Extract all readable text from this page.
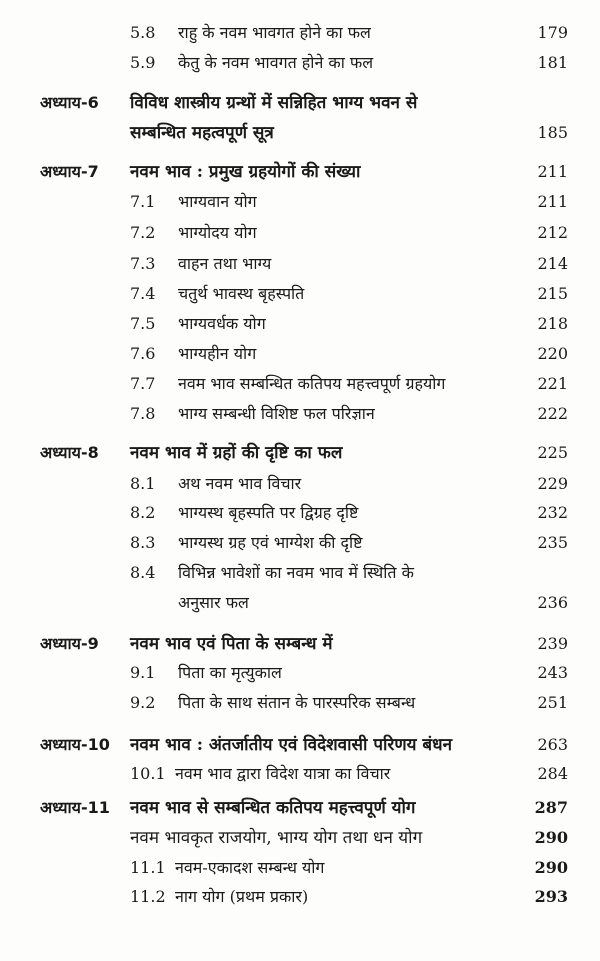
5.8 राहु के नवम भावगत होने का फल	179
5.9 केतु के नवम भावगत होने का फल	181
अध्याय-6 विविध शास्त्रीय ग्रन्थों में सन्निहित भाग्य भवन से
सम्बन्धित महत्वपूर्ण सूत्र	185
अध्याय-7 नवम भाव : प्रमुख ग्रहयोगों की संख्या	211
7.1 भाग्यवान योग	211
7.2 भाग्योदय योग	212
7.3 वाहन तथा भाग्य	214
7.4 चतुर्थ भावस्थ बृहस्पति	215
7.5 भाग्यवर्धक योग	218
7.6 भाग्यहीन योग	220
7.7 नवम भाव सम्बन्धित कतिपय महत्त्वपूर्ण ग्रहयोग	221
7.8 भाग्य सम्बन्धी विशिष्ट फल परिज्ञान	222
अध्याय-8 नवम भाव में ग्रहों की दृष्टि का फल	225
8.1 अथ नवम भाव विचार	229
8.2 भाग्यस्थ बृहस्पति पर द्विग्रह दृष्टि	232
8.3 भाग्यस्थ ग्रह एवं भाग्येश की दृष्टि	235
8.4 विभिन्न भावेशों का नवम भाव में स्थिति के
अनुसार फल	236
अध्याय-9 नवम भाव एवं पिता के सम्बन्ध में	239
9.1 पिता का मृत्युकाल	243
9.2 पिता के साथ संतान के पारस्परिक सम्बन्ध	251
अध्याय-10 नवम भाव : अंतर्जातीय एवं विदेशवासी परिणय बंधन	263
10.1 नवम भाव द्वारा विदेश यात्रा का विचार	284
अध्याय-11 नवम भाव से सम्बन्धित कतिपय महत्त्वपूर्ण योग	287
नवम भावकृत राजयोग, भाग्य योग तथा धन योग	290
11.1 नवम-एकादश सम्बन्ध योग	290
11.2 नाग योग (प्रथम प्रकार)	293
